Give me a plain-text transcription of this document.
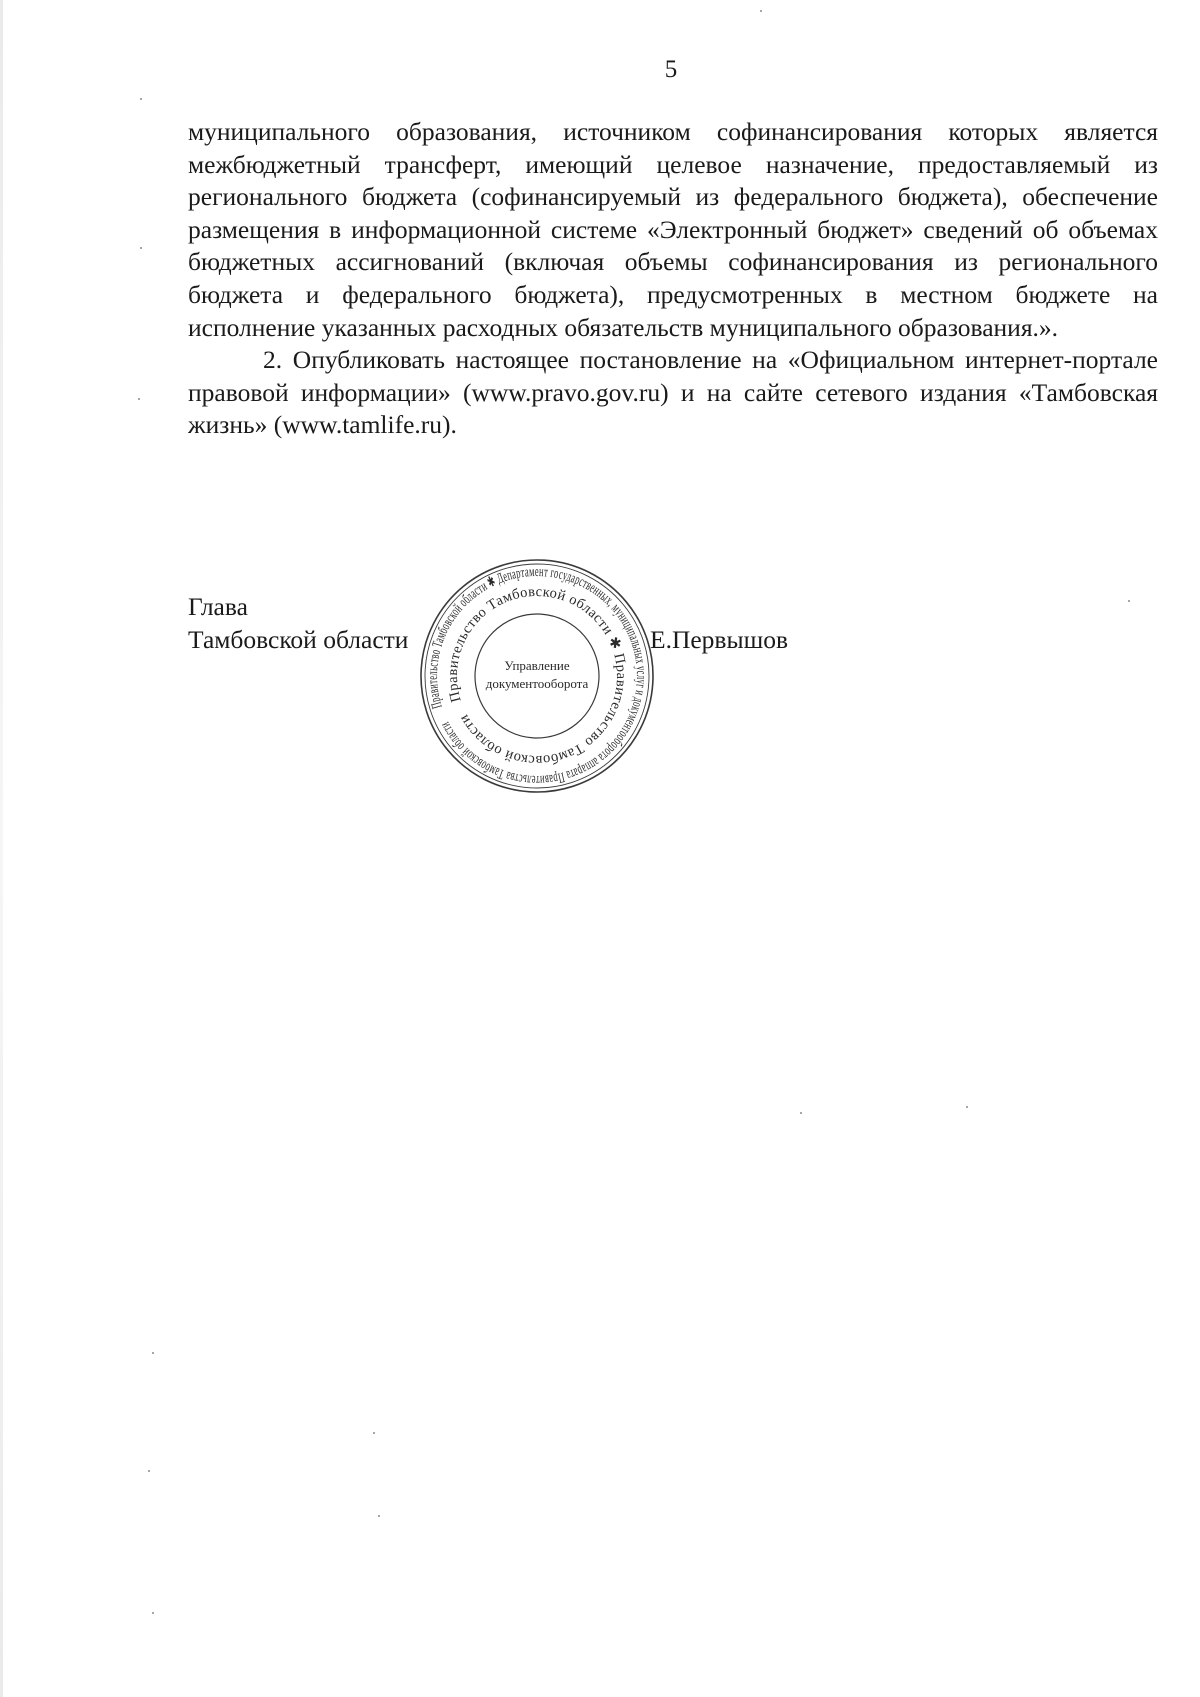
5

муниципального образования, источником софинансирования которых является межбюджетный трансферт, имеющий целевое назначение, предоставляемый из регионального бюджета (софинансируемый из федерального бюджета), обеспечение размещения в информационной системе «Электронный бюджет» сведений об объемах бюджетных ассигнований (включая объемы софинансирования из регионального бюджета и федерального бюджета), предусмотренных в местном бюджете на исполнение указанных расходных обязательств муниципального образования.».

2. Опубликовать настоящее постановление на «Официальном интернет-портале правовой информации» (www.pravo.gov.ru) и на сайте сетевого издания «Тамбовская жизнь» (www.tamlife.ru).

Глава
Тамбовской области	Е.Первышов
Правительство Тамбовской области ✱ Департамент государственных, муниципальных услуг и документооборота аппарата Правительства Тамбовской области
Правительство Тамбовской области ✱ Правительство Тамбовской области
Управление
документооборота
